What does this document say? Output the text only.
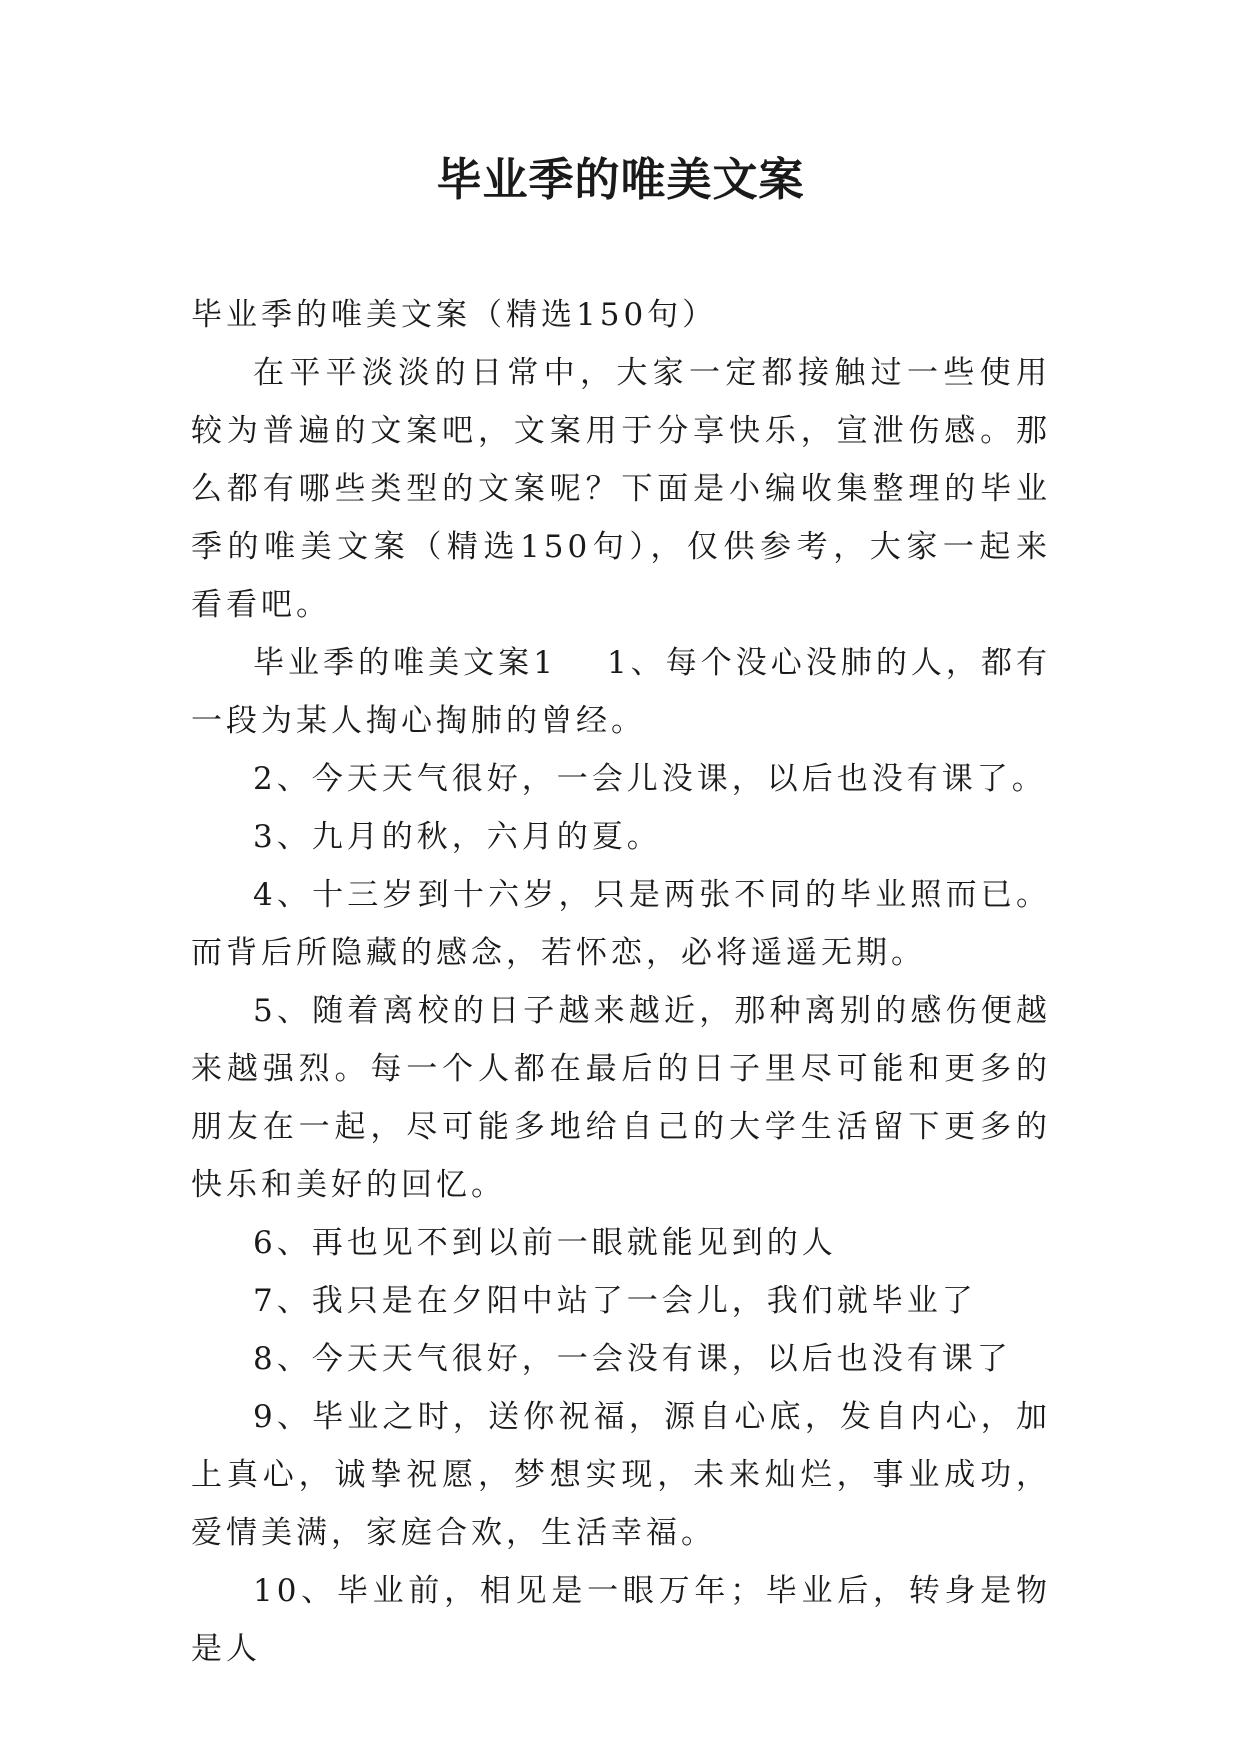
毕业季的唯美文案

毕业季的唯美文案（精选150句）

在平平淡淡的日常中，大家一定都接触过一些使用较为普遍的文案吧，文案用于分享快乐，宣泄伤感。那么都有哪些类型的文案呢？下面是小编收集整理的毕业季的唯美文案（精选150句），仅供参考，大家一起来看看吧。

毕业季的唯美文案1 1、每个没心没肺的人，都有一段为某人掏心掏肺的曾经。

2、今天天气很好，一会儿没课，以后也没有课了。

3、九月的秋，六月的夏。

4、十三岁到十六岁，只是两张不同的毕业照而已。而背后所隐藏的感念，若怀恋，必将遥遥无期。

5、随着离校的日子越来越近，那种离别的感伤便越来越强烈。每一个人都在最后的日子里尽可能和更多的朋友在一起，尽可能多地给自己的大学生活留下更多的快乐和美好的回忆。

6、再也见不到以前一眼就能见到的人

7、我只是在夕阳中站了一会儿，我们就毕业了

8、今天天气很好，一会没有课，以后也没有课了

9、毕业之时，送你祝福，源自心底，发自内心，加上真心，诚挚祝愿，梦想实现，未来灿烂，事业成功，爱情美满，家庭合欢，生活幸福。

10、毕业前，相见是一眼万年；毕业后，转身是物是人
